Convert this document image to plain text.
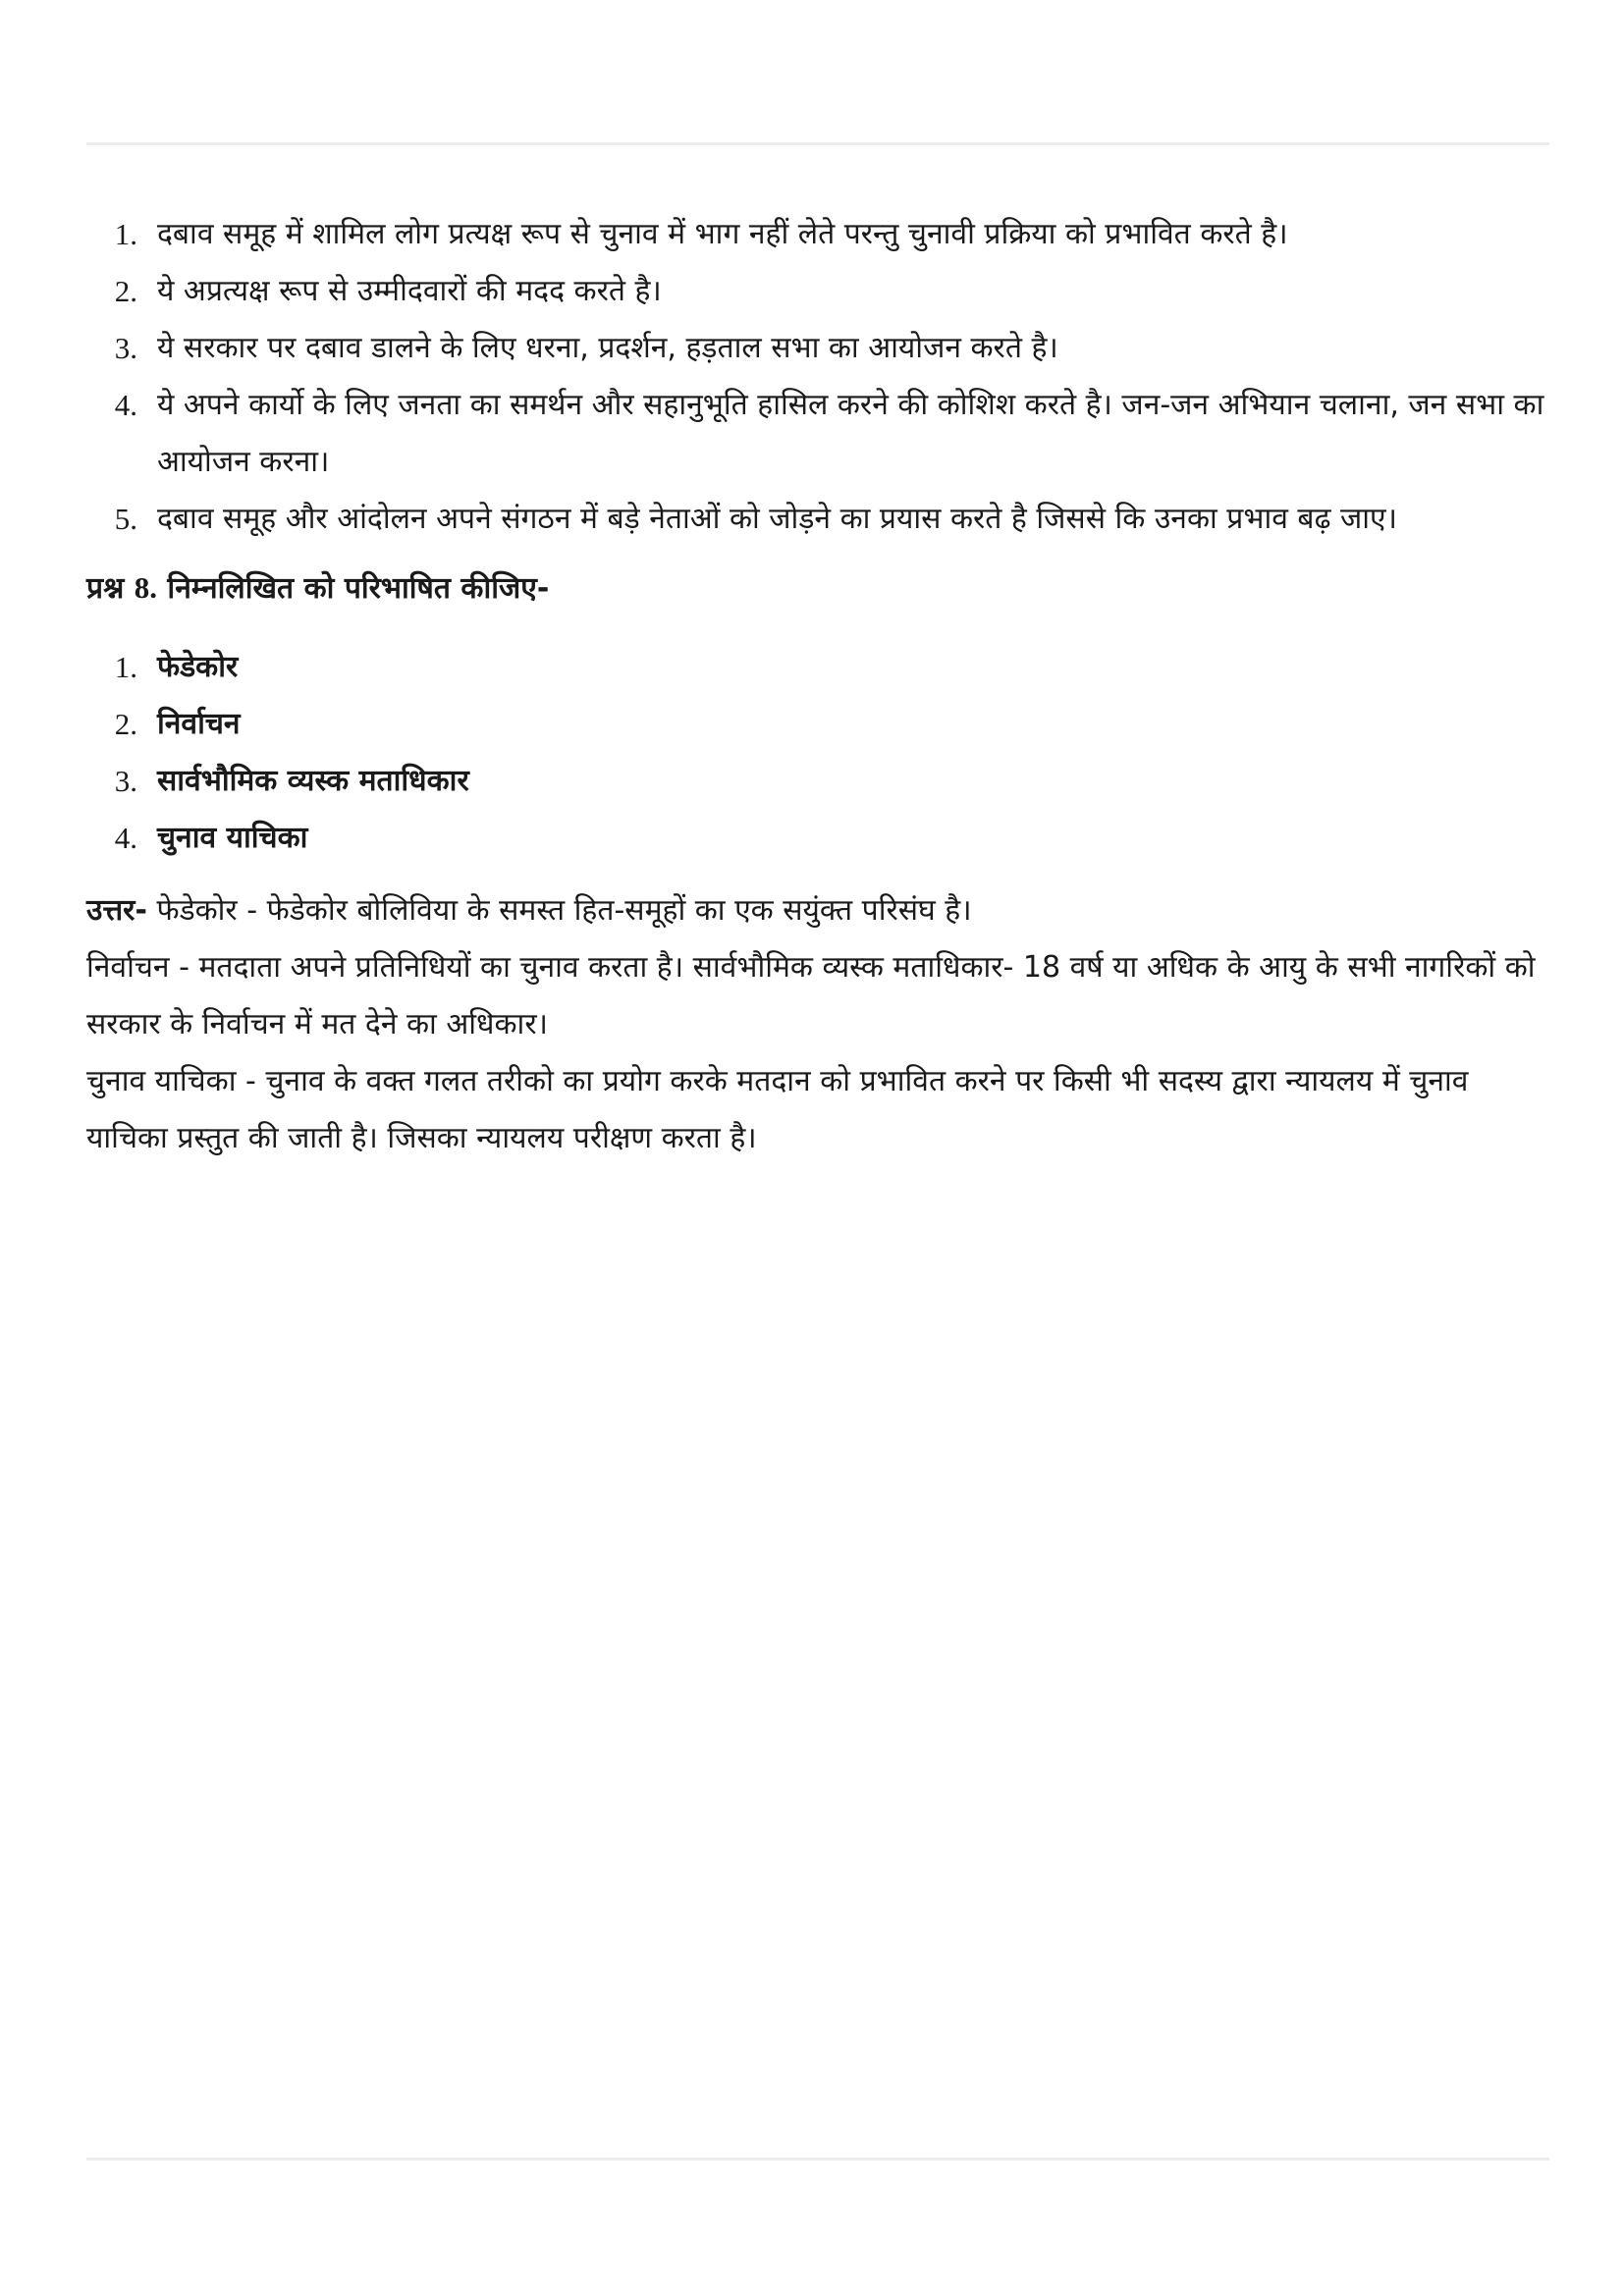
1. दबाव समूह में शामिल लोग प्रत्यक्ष रूप से चुनाव में भाग नहीं लेते परन्तु चुनावी प्रक्रिया को प्रभावित करते है।
2. ये अप्रत्यक्ष रूप से उम्मीदवारों की मदद करते है।
3. ये सरकार पर दबाव डालने के लिए धरना, प्रदर्शन, हड़ताल सभा का आयोजन करते है।
4. ये अपने कार्यो के लिए जनता का समर्थन और सहानुभूति हासिल करने की कोशिश करते है। जन-जन अभियान चलाना, जन सभा का आयोजन करना।
5. दबाव समूह और आंदोलन अपने संगठन में बड़े नेताओं को जोड़ने का प्रयास करते है जिससे कि उनका प्रभाव बढ़ जाए।
प्रश्न 8. निम्नलिखित को परिभाषित कीजिए-
1. फेडेकोर
2. निर्वाचन
3. सार्वभौमिक व्यस्क मताधिकार
4. चुनाव याचिका

उत्तर- फेडेकोर - फेडेकोर बोलिविया के समस्त हित-समूहों का एक सयुंक्त परिसंघ है।

निर्वाचन - मतदाता अपने प्रतिनिधियों का चुनाव करता है। सार्वभौमिक व्यस्क मताधिकार- 18 वर्ष या अधिक के आयु के सभी नागरिकों को सरकार के निर्वाचन में मत देने का अधिकार।

चुनाव याचिका - चुनाव के वक्त गलत तरीको का प्रयोग करके मतदान को प्रभावित करने पर किसी भी सदस्य द्वारा न्यायलय में चुनाव याचिका प्रस्तुत की जाती है। जिसका न्यायलय परीक्षण करता है।
